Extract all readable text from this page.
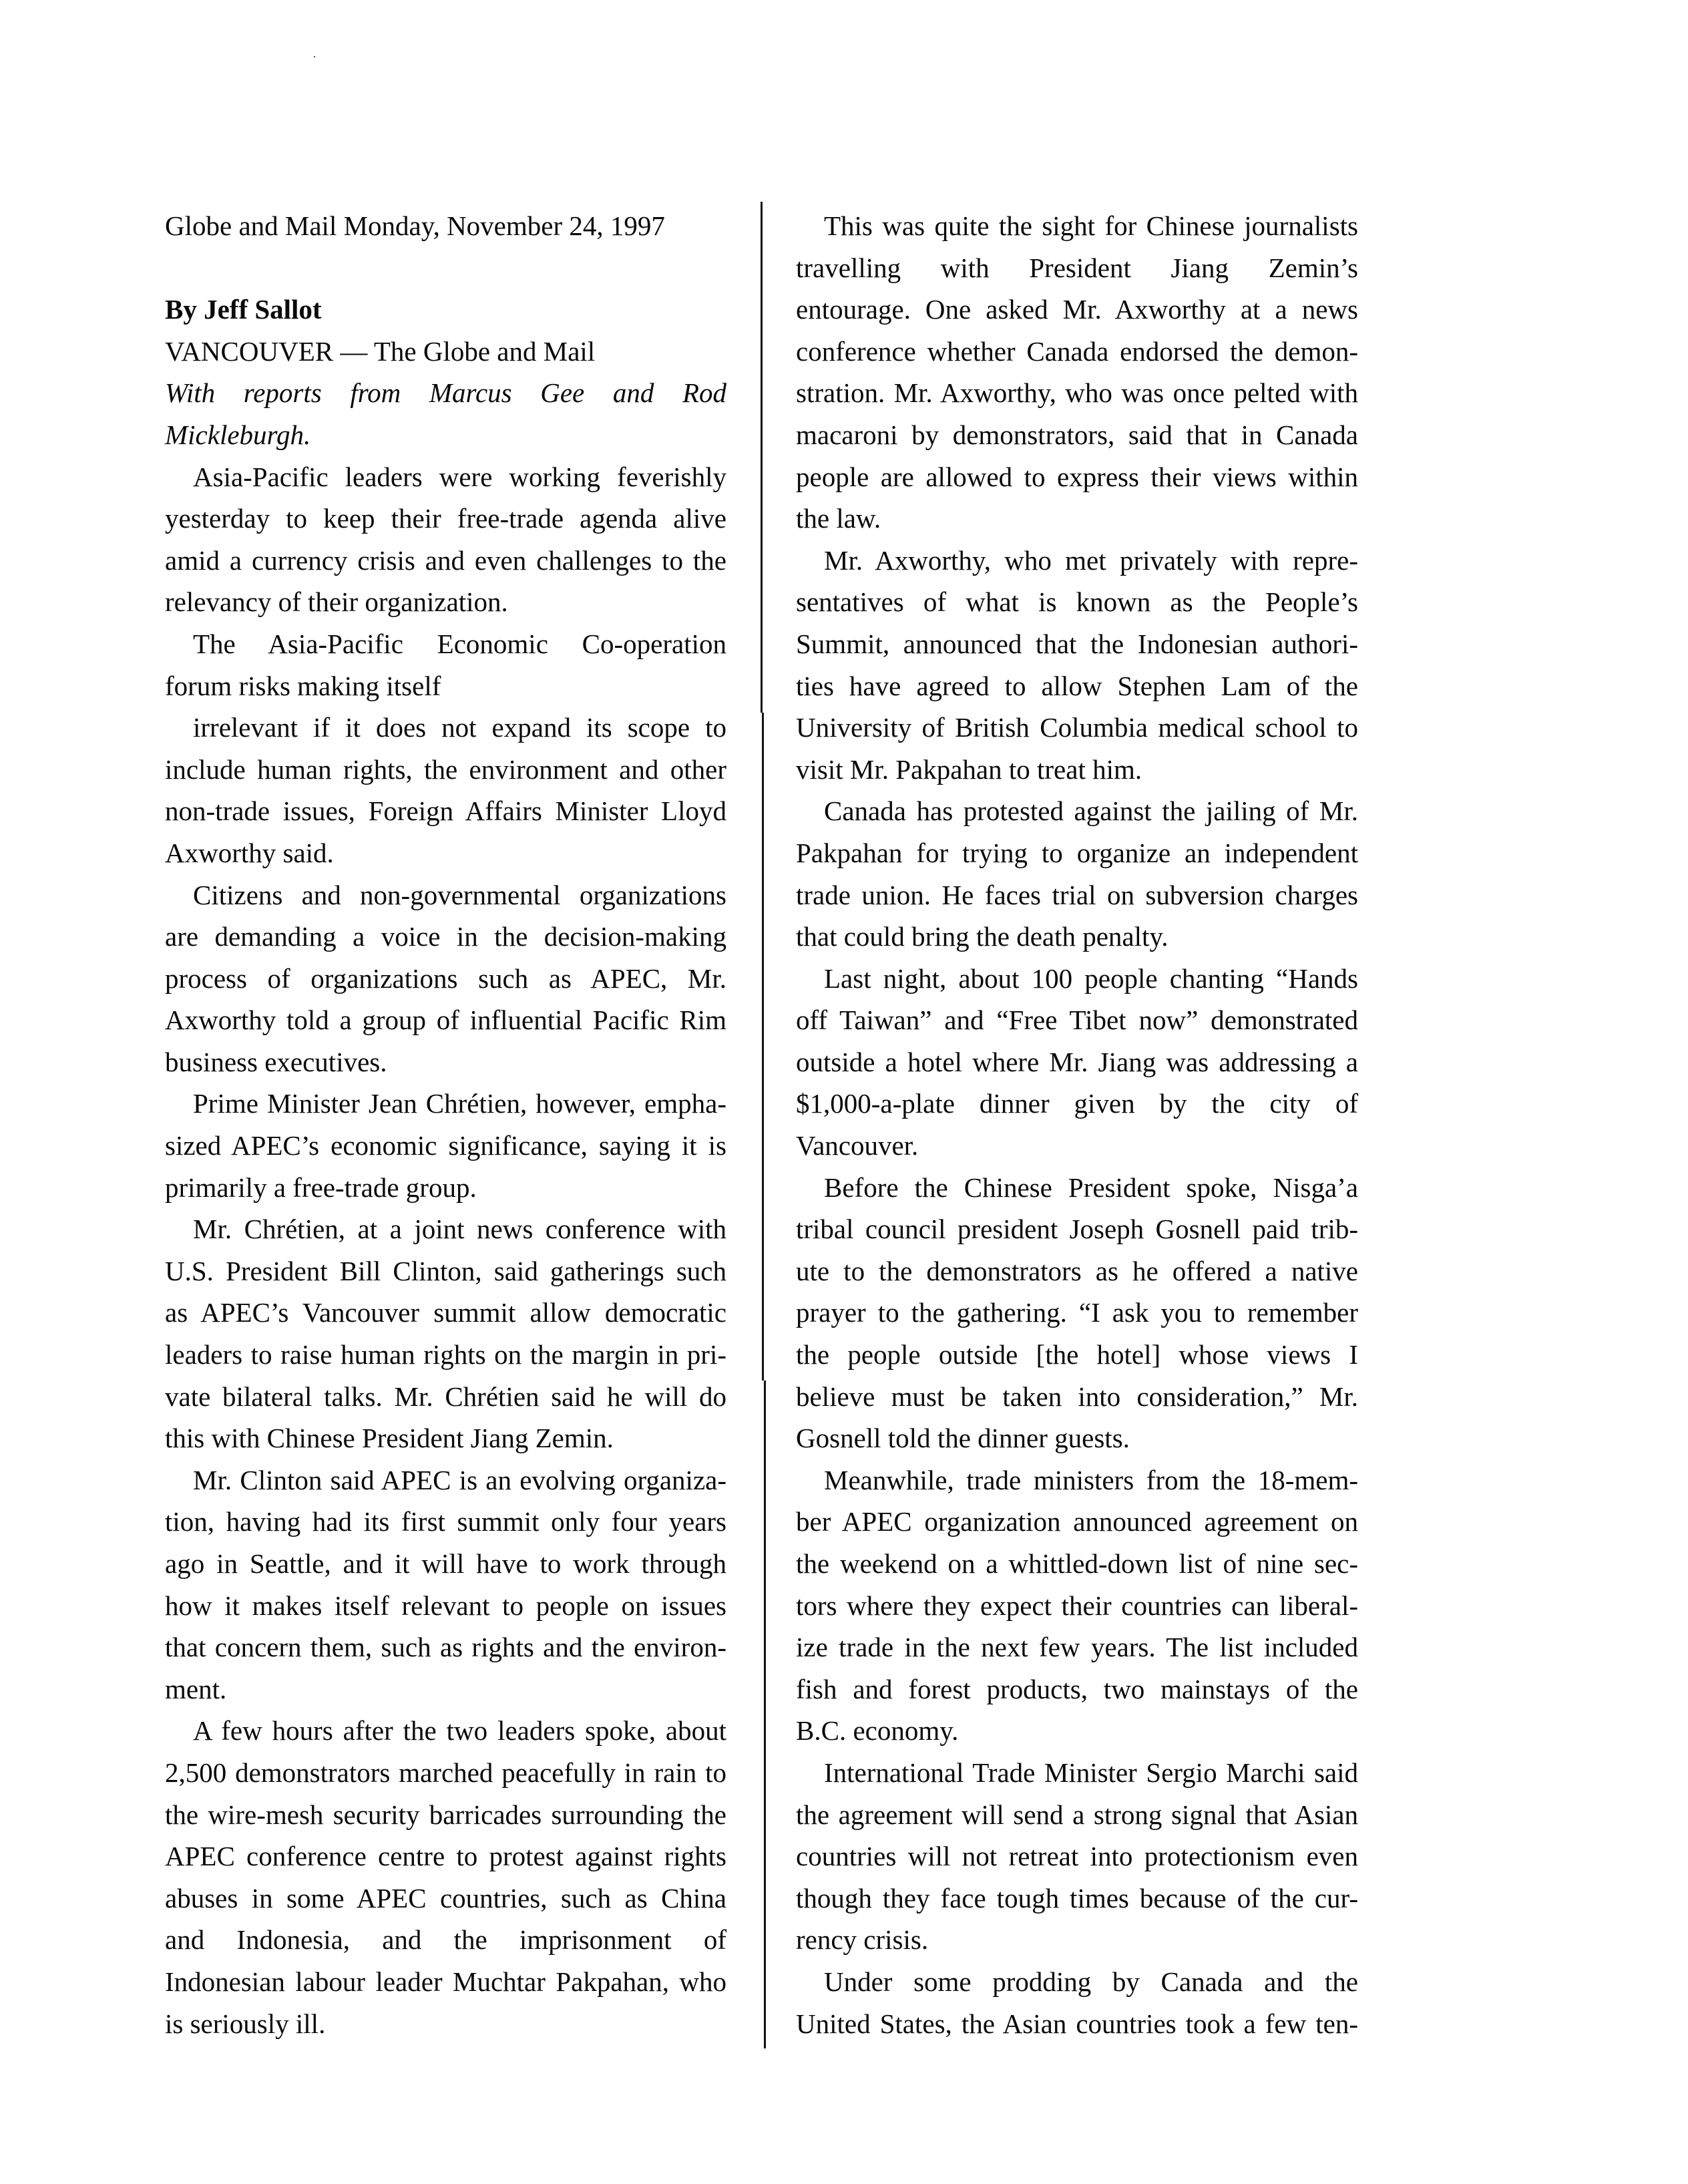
Globe and Mail Monday, November 24, 1997
By Jeff Sallot
VANCOUVER — The Globe and Mail
With reports from Marcus Gee and Rod
Mickleburgh.
Asia-Pacific leaders were working feverishly
yesterday to keep their free-trade agenda alive
amid a currency crisis and even challenges to the
relevancy of their organization.
The Asia-Pacific Economic Co-operation
forum risks making itself
irrelevant if it does not expand its scope to
include human rights, the environment and other
non-trade issues, Foreign Affairs Minister Lloyd
Axworthy said.
Citizens and non-governmental organizations
are demanding a voice in the decision-making
process of organizations such as APEC, Mr.
Axworthy told a group of influential Pacific Rim
business executives.
Prime Minister Jean Chrétien, however, empha-
sized APEC’s economic significance, saying it is
primarily a free-trade group.
Mr. Chrétien, at a joint news conference with
U.S. President Bill Clinton, said gatherings such
as APEC’s Vancouver summit allow democratic
leaders to raise human rights on the margin in pri-
vate bilateral talks. Mr. Chrétien said he will do
this with Chinese President Jiang Zemin.
Mr. Clinton said APEC is an evolving organiza-
tion, having had its first summit only four years
ago in Seattle, and it will have to work through
how it makes itself relevant to people on issues
that concern them, such as rights and the environ-
ment.
A few hours after the two leaders spoke, about
2,500 demonstrators marched peacefully in rain to
the wire-mesh security barricades surrounding the
APEC conference centre to protest against rights
abuses in some APEC countries, such as China
and Indonesia, and the imprisonment of
Indonesian labour leader Muchtar Pakpahan, who
is seriously ill.
This was quite the sight for Chinese journalists
travelling with President Jiang Zemin’s
entourage. One asked Mr. Axworthy at a news
conference whether Canada endorsed the demon-
stration. Mr. Axworthy, who was once pelted with
macaroni by demonstrators, said that in Canada
people are allowed to express their views within
the law.
Mr. Axworthy, who met privately with repre-
sentatives of what is known as the People’s
Summit, announced that the Indonesian authori-
ties have agreed to allow Stephen Lam of the
University of British Columbia medical school to
visit Mr. Pakpahan to treat him.
Canada has protested against the jailing of Mr.
Pakpahan for trying to organize an independent
trade union. He faces trial on subversion charges
that could bring the death penalty.
Last night, about 100 people chanting “Hands
off Taiwan” and “Free Tibet now” demonstrated
outside a hotel where Mr. Jiang was addressing a
$1,000-a-plate dinner given by the city of
Vancouver.
Before the Chinese President spoke, Nisga’a
tribal council president Joseph Gosnell paid trib-
ute to the demonstrators as he offered a native
prayer to the gathering. “I ask you to remember
the people outside [the hotel] whose views I
believe must be taken into consideration,” Mr.
Gosnell told the dinner guests.
Meanwhile, trade ministers from the 18-mem-
ber APEC organization announced agreement on
the weekend on a whittled-down list of nine sec-
tors where they expect their countries can liberal-
ize trade in the next few years. The list included
fish and forest products, two mainstays of the
B.C. economy.
International Trade Minister Sergio Marchi said
the agreement will send a strong signal that Asian
countries will not retreat into protectionism even
though they face tough times because of the cur-
rency crisis.
Under some prodding by Canada and the
United States, the Asian countries took a few ten-
